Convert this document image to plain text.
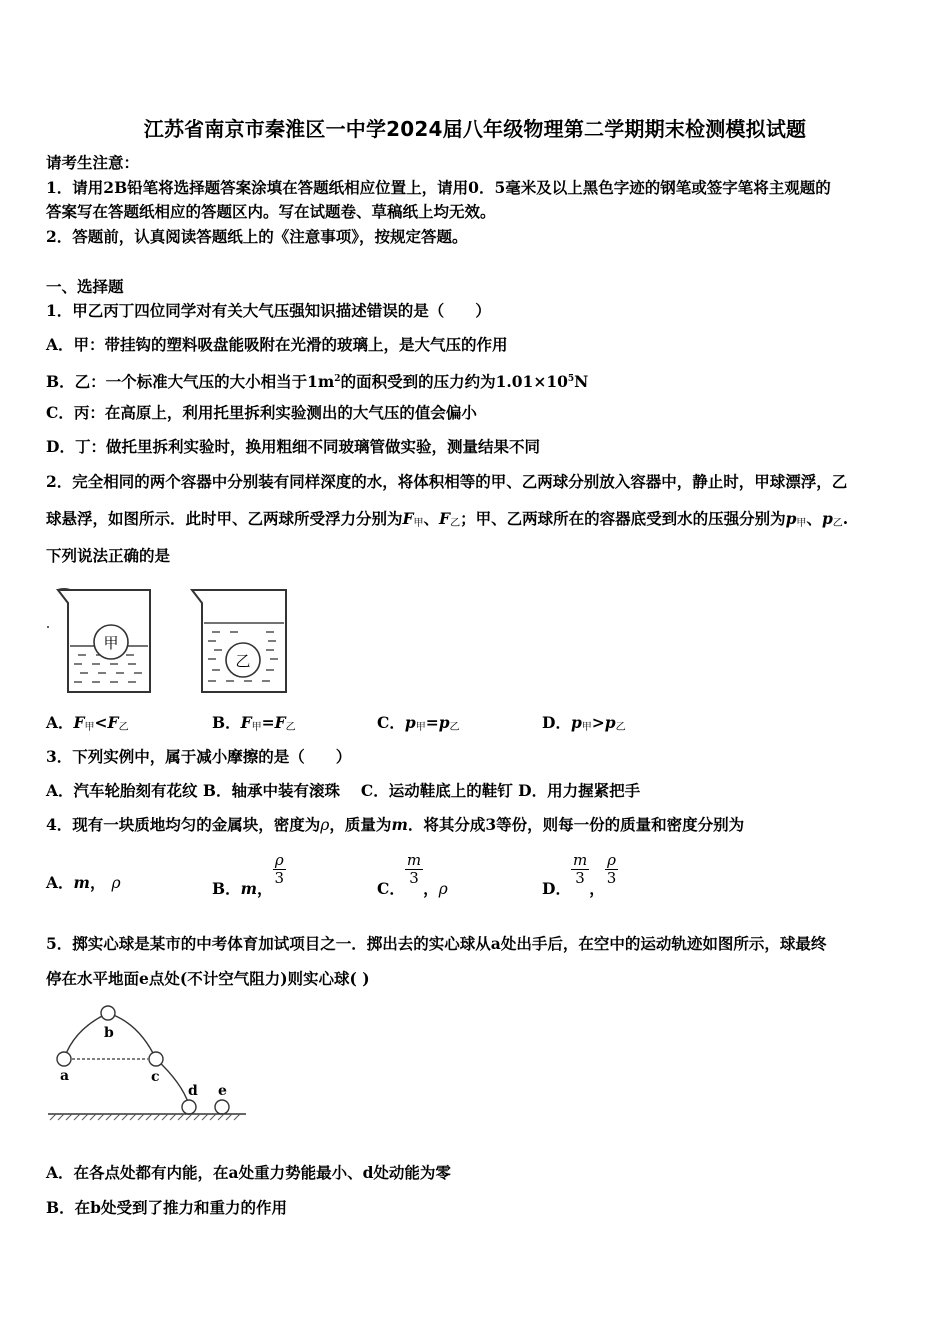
江苏省南京市秦淮区一中学2024届八年级物理第二学期期末检测模拟试题
请考生注意：
1．请用2B铅笔将选择题答案涂填在答题纸相应位置上，请用0．5毫米及以上黑色字迹的钢笔或签字笔将主观题的
答案写在答题纸相应的答题区内。写在试题卷、草稿纸上均无效。
2．答题前，认真阅读答题纸上的《注意事项》，按规定答题。
一、选择题
1．甲乙丙丁四位同学对有关大气压强知识描述错误的是（　　）
A．甲：带挂钩的塑料吸盘能吸附在光滑的玻璃上，是大气压的作用
B．乙：一个标准大气压的大小相当于$1m^2$的面积受到的压力约为$1.01\times 10^5N$
C．丙：在高原上，利用托里拆利实验测出的大气压的值会偏小
D．丁：做托里拆利实验时，换用粗细不同玻璃管做实验，测量结果不同
2．完全相同的两个容器中分别装有同样深度的水，将体积相等的甲、乙两球分别放入容器中，静止时，甲球漂浮，乙
球悬浮，如图所示．此时甲、乙两球所受浮力分别为$F_甲$、$F_乙$；甲、乙两球所在的容器底受到水的压强分别为$p_甲$、$p_乙$.
下列说法正确的是
甲
乙
A．$F_甲<F_乙$	B．$F_甲=F_乙$	C．$p_甲=p_乙$	D．$p_甲>p_乙$
3．下列实例中，属于减小摩擦的是（　　）
A．汽车轮胎刻有花纹 B．轴承中装有滚珠　 C．运动鞋底上的鞋钉 D．用力握紧把手
4．现有一块质地均匀的金属块，密度为ρ，质量为m．将其分成3等份，则每一份的质量和密度分别为
A．m， ρ	B．m，
$\frac{\rho}{3}$
C．
$\frac{m}{3}$
，ρ	D．
$\frac{m}{3}$
，
$\frac{\rho}{3}$
5．掷实心球是某市的中考体育加试项目之一．掷出去的实心球从a处出手后，在空中的运动轨迹如图所示，球最终
停在水平地面e点处(不计空气阻力)则实心球( )
a
b
c
d e
A．在各点处都有内能，在a处重力势能最小、d处动能为零
B．在b处受到了推力和重力的作用
